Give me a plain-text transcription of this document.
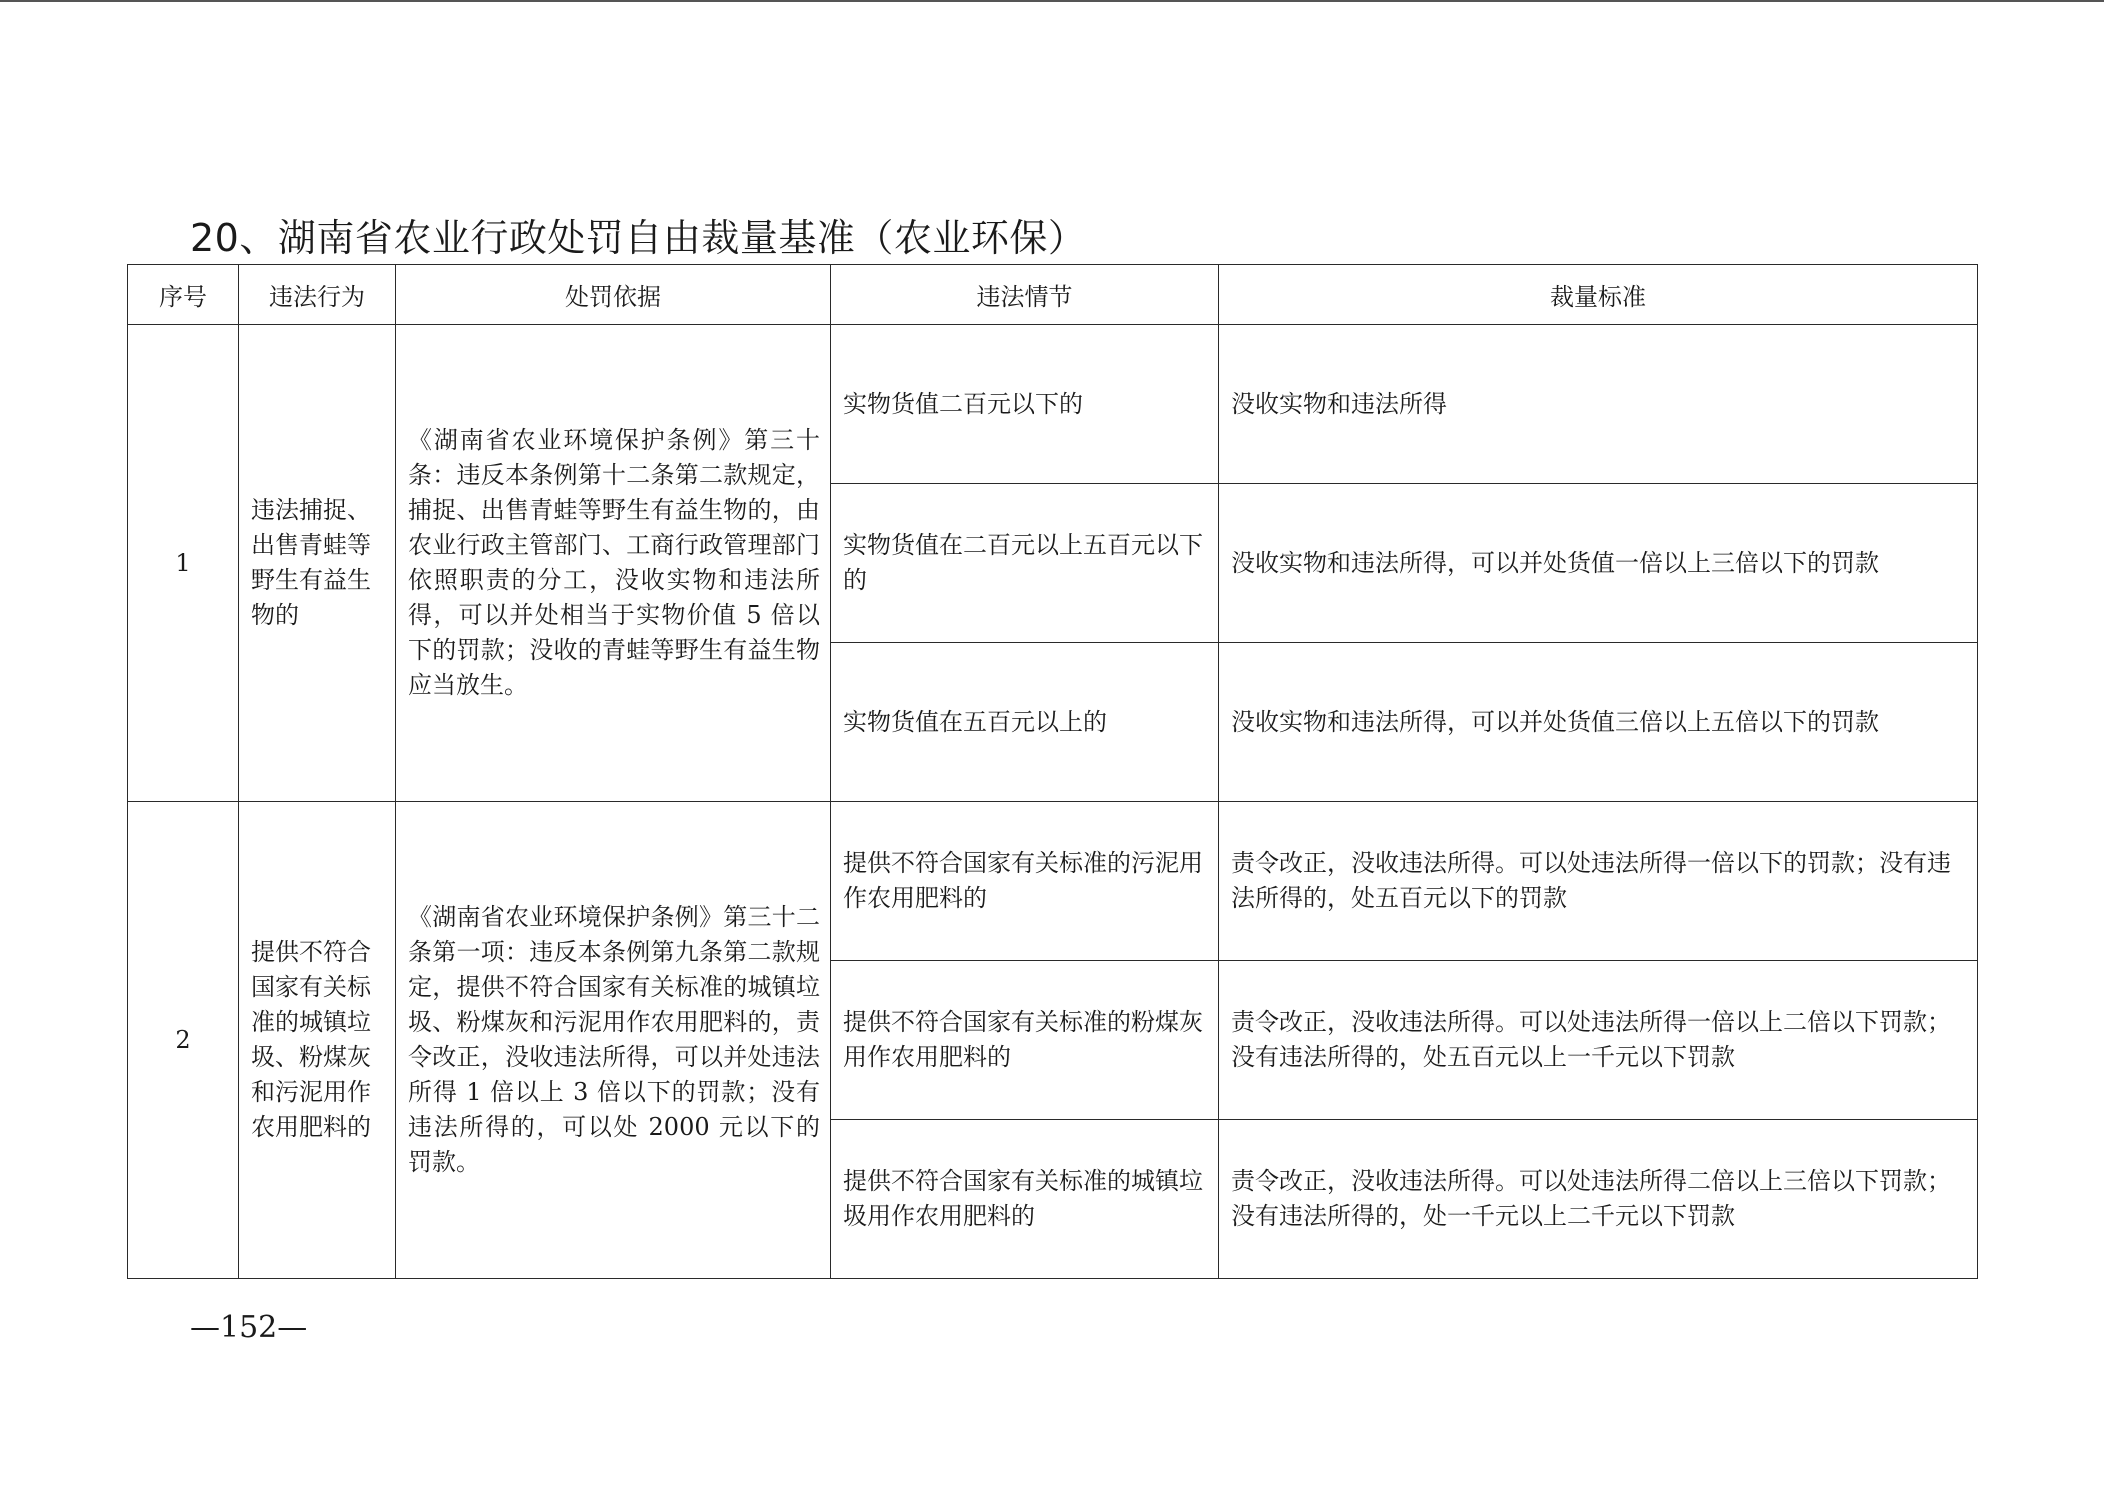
20、湖南省农业行政处罚自由裁量基准（农业环保）
序号	违法行为	处罚依据	违法情节	裁量标准
1	违法捕捉、出售青蛙等野生有益生物的	《湖南省农业环境保护条例》第三十条：违反本条例第十二条第二款规定，捕捉、出售青蛙等野生有益生物的，由农业行政主管部门、工商行政管理部门依照职责的分工，没收实物和违法所得，可以并处相当于实物价值 5 倍以下的罚款；没收的青蛙等野生有益生物应当放生。	实物货值二百元以下的	没收实物和违法所得
			实物货值在二百元以上五百元以下的	没收实物和违法所得，可以并处货值一倍以上三倍以下的罚款
			实物货值在五百元以上的	没收实物和违法所得，可以并处货值三倍以上五倍以下的罚款
2	提供不符合国家有关标准的城镇垃圾、粉煤灰和污泥用作农用肥料的	《湖南省农业环境保护条例》第三十二条第一项：违反本条例第九条第二款规定，提供不符合国家有关标准的城镇垃圾、粉煤灰和污泥用作农用肥料的，责令改正，没收违法所得，可以并处违法所得 1 倍以上 3 倍以下的罚款；没有违法所得的，可以处 2000 元以下的罚款。	提供不符合国家有关标准的污泥用作农用肥料的	责令改正，没收违法所得。可以处违法所得一倍以下的罚款；没有违法所得的，处五百元以下的罚款
			提供不符合国家有关标准的粉煤灰用作农用肥料的	责令改正，没收违法所得。可以处违法所得一倍以上二倍以下罚款；没有违法所得的，处五百元以上一千元以下罚款
			提供不符合国家有关标准的城镇垃圾用作农用肥料的	责令改正，没收违法所得。可以处违法所得二倍以上三倍以下罚款；没有违法所得的，处一千元以上二千元以下罚款
—152—
